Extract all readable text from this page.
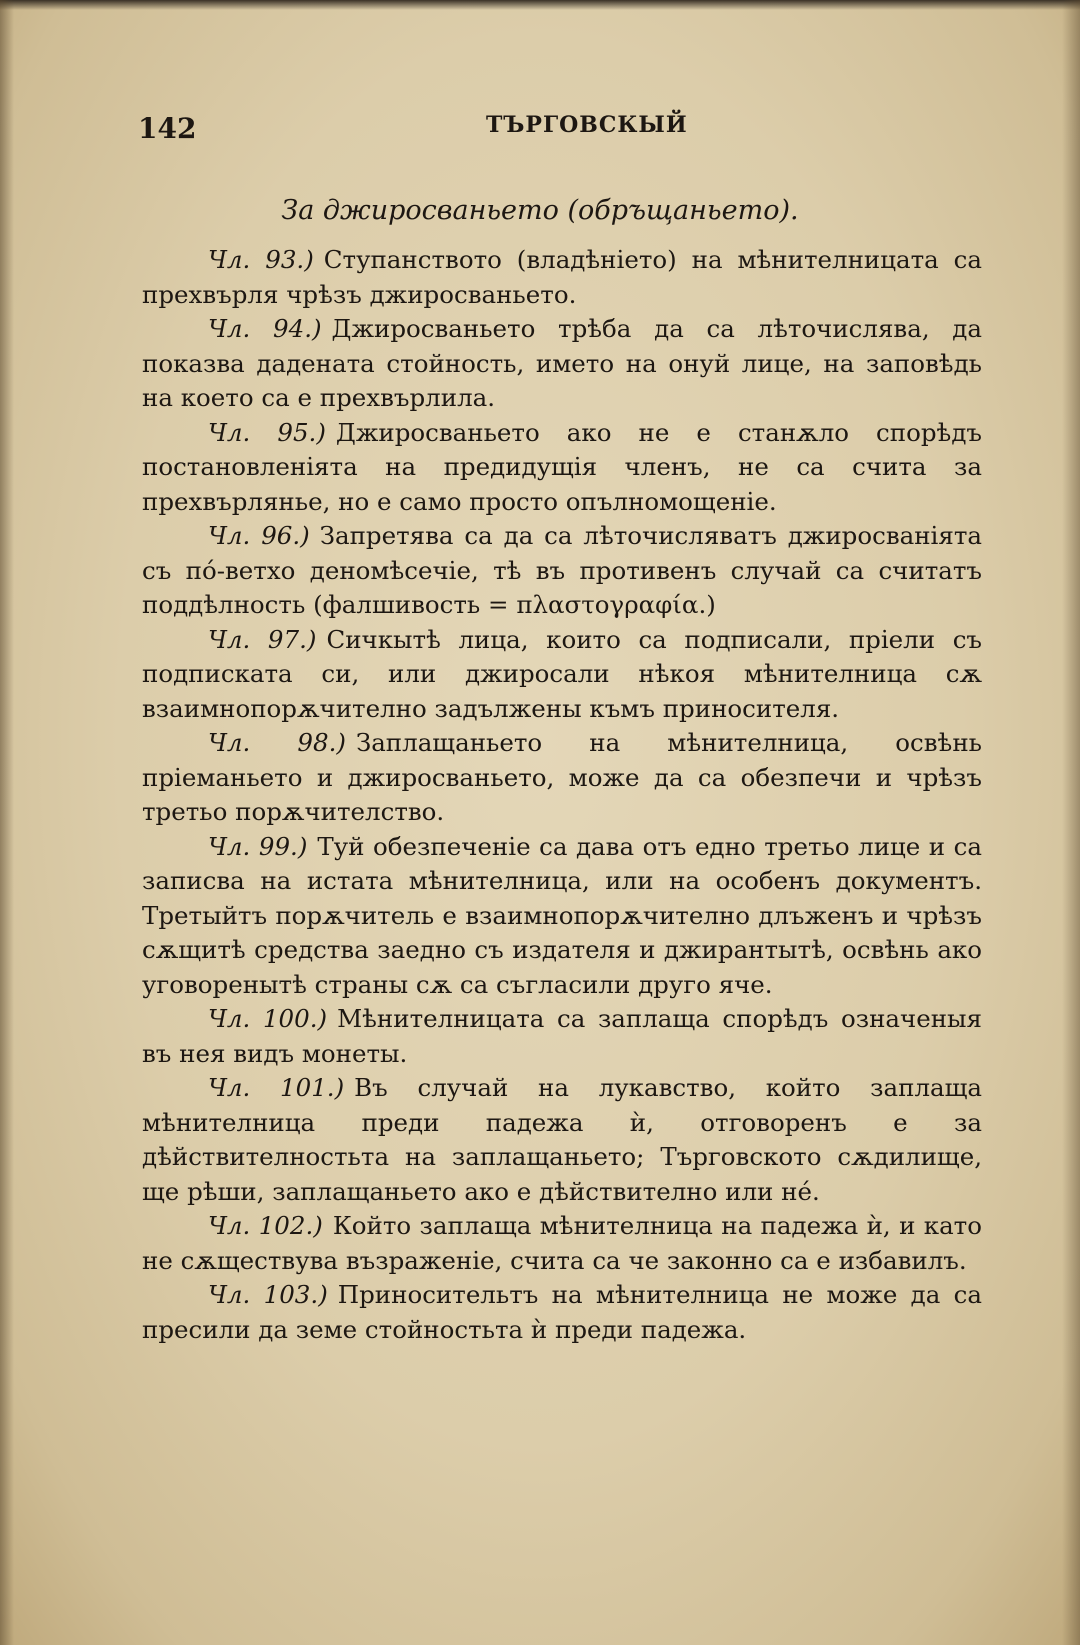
142	ТЪРГОВСКЫЙ
За джиросваньето (обръщаньето).

Чл. 93.) Ступанството (владѣніето) на мѣнителницата са прехвърля чрѣзъ джиросваньето.

Чл. 94.) Джиросваньето трѣба да са лѣточислява, да показва дадената стойность, името на онуй лице, на заповѣдь на което са е прехвърлила.

Чл. 95.) Джиросваньето ако не е станѫло спорѣдъ постановленіята на предидущія членъ, не са счита за прехвърлянье, но е само просто опълномощеніе.

Чл. 96.) Запретява са да са лѣточисляватъ джиросваніята съ по́-ветхо деномѣсечіе, тѣ въ противенъ случай са считатъ поддѣлность (фалшивость = πλαστογραφία.)

Чл. 97.) Сичкытѣ лица, които са подписали, пріели съ подписката си, или джиросали нѣкоя мѣнителница сѫ взаимнопорѫчително задължены къмъ приносителя.

Чл. 98.) Заплащаньето на мѣнителница, освѣнь пріеманьето и джиросваньето, може да са обезпечи и чрѣзъ третьо порѫчителство.

Чл. 99.) Туй обезпеченіе са дава отъ едно третьо лице и са записва на истата мѣнителница, или на особенъ документъ. Третыйтъ порѫчитель е взаимнопорѫчително длъженъ и чрѣзъ сѫщитѣ средства заедно съ издателя и джирантытѣ, освѣнь ако уговоренытѣ страны сѫ са съгласили друго яче.

Чл. 100.) Мѣнителницата са заплаща спорѣдъ означеныя въ нея видъ монеты.

Чл. 101.) Въ случай на лукавство, който заплаща мѣнителница преди падежа ѝ, отговоренъ е за дѣйствителностьта на заплащаньето; Търговското сѫдилище, ще рѣши, заплащаньето ако е дѣйствително или не́.

Чл. 102.) Който заплаща мѣнителница на падежа ѝ, и като не сѫществува възраженіе, счита са че законно са е избавилъ.

Чл. 103.) Приносительтъ на мѣнителница не може да са пресили да земе стойностьта ѝ преди падежа.
